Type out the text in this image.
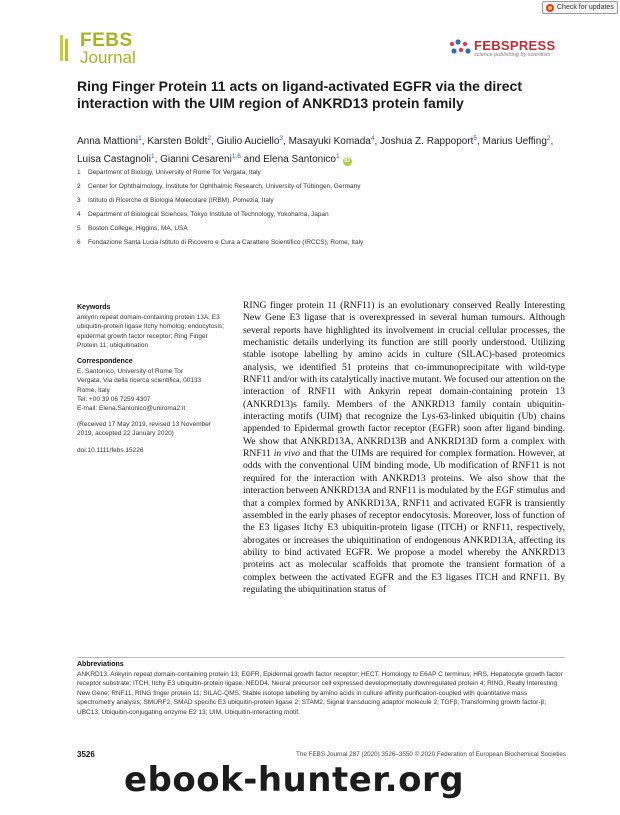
Check for updates
FEBS
Journal
FEBSPRESS
science publishing by scientists
Ring Finger Protein 11 acts on ligand-activated EGFR via the direct interaction with the UIM region of ANKRD13 protein family
Anna Mattioni$^1$, Karsten Boldt$^2$, Giulio Auciello$^3$, Masayuki Komada$^4$, Joshua Z. Rappoport$^5$, Marius Ueffing$^2$, Luisa Castagnoli$^1$, Gianni Cesareni$^{1,6}$ and Elena Santonico$^1$iD
1 Department of Biology, University of Rome Tor Vergata, Italy
2 Center for Ophthalmology, Institute for Ophthalmic Research, University of Tübingen, Germany
3 Istituto di Ricerche di Biologia Molecolare (IRBM), Pomezia, Italy
4 Department of Biological Sciences, Tokyo Institute of Technology, Yokohama, Japan
5 Boston College, Higgins, MA, USA
6 Fondazione Santa Lucia Istituto di Ricovero e Cura a Carattere Scientifico (IRCCS), Rome, Italy
Keywords
ankyrin repeat domain-containing protein 13A; E3 ubiquitin-protein ligase Itchy homolog; endocytosis; epidermal growth factor receptor; Ring Finger Protein 11; ubiquitination
Correspondence
E. Santonico, University of Rome Tor
Vergata, Via della ricerca scientifica, 00133
Rome, Italy
Tel: +00 39 06 7259 4307
E-mail: Elena.Santonico@uniroma2.it
(Received 17 May 2019, revised 13 November 2019, accepted 22 January 2020)
doi:10.1111/febs.15226

RING finger protein 11 (RNF11) is an evolutionary conserved Really Interesting New Gene E3 ligase that is overexpressed in several human tumours. Although several reports have highlighted its involvement in crucial cellular processes, the mechanistic details underlying its function are still poorly understood. Utilizing stable isotope labelling by amino acids in culture (SILAC)-based proteomics analysis, we identified 51 proteins that co-immunoprecipitate with wild-type RNF11 and/or with its catalytically inactive mutant. We focused our attention on the interaction of RNF11 with Ankyrin repeat domain-containing protein 13 (ANKRD13)s family. Members of the ANKRD13 family contain ubiquitin-interacting motifs (UIM) that recognize the Lys-63-linked ubiquitin (Ub) chains appended to Epidermal growth factor receptor (EGFR) soon after ligand binding. We show that ANKRD13A, ANKRD13B and ANKRD13D form a complex with RNF11 in vivo and that the UIMs are required for complex formation. However, at odds with the conventional UIM binding mode, Ub modification of RNF11 is not required for the interaction with ANKRD13 proteins. We also show that the interaction between ANKRD13A and RNF11 is modulated by the EGF stimulus and that a complex formed by ANKRD13A, RNF11 and activated EGFR is transiently assembled in the early phases of receptor endocytosis. Moreover, loss of function of the E3 ligases Itchy E3 ubiquitin-protein ligase (ITCH) or RNF11, respectively, abrogates or increases the ubiquitination of endogenous ANKRD13A, affecting its ability to bind activated EGFR. We propose a model whereby the ANKRD13 proteins act as molecular scaffolds that promote the transient formation of a complex between the activated EGFR and the E3 ligases ITCH and RNF11. By regulating the ubiquitination status of

Abbreviations
ANKRD13, Ankyrin repeat domain-containing protein 13; EGFR, Epidermal growth factor receptor; HECT, Homology to E6AP C terminus; HRS, Hepatocyte growth factor receptor substrate; ITCH, Itchy E3 ubiquitin-protein ligase; NEDD4, Neural precursor cell expressed developmentally downregulated protein 4; RING, Really Interesting New Gene; RNF11, RING finger protein 11; SILAC-QMS, Stable isotope labelling by amino acids in culture affinity purification-coupled with quantitative mass spectrometry analysis; SMURF2, SMAD specific E3 ubiquitin-protein ligase 2; STAM2, Signal transducing adaptor molecule 2; TGFβ, Transforming growth factor-β; UBC13, Ubiquitin-conjugating enzyme E2 13; UIM, Ubiquitin-interacting motif.
3526	The FEBS Journal 287 (2020) 3526–3550 © 2020 Federation of European Biochemical Societies
ebook-hunter.org
